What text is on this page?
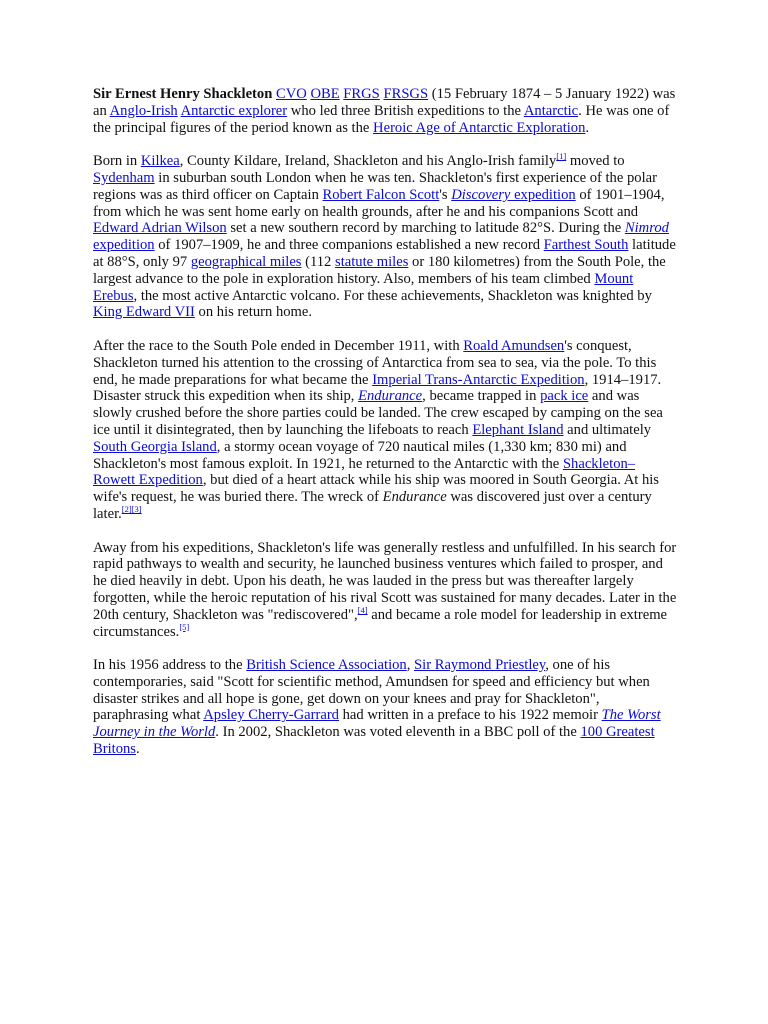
Sir Ernest Henry Shackleton CVO OBE FRGS FRSGS (15 February 1874 – 5 January 1922) was an Anglo-Irish Antarctic explorer who led three British expeditions to the Antarctic. He was one of the principal figures of the period known as the Heroic Age of Antarctic Exploration.

Born in Kilkea, County Kildare, Ireland, Shackleton and his Anglo-Irish family[1] moved to Sydenham in suburban south London when he was ten. Shackleton's first experience of the polar regions was as third officer on Captain Robert Falcon Scott's Discovery expedition of 1901–1904, from which he was sent home early on health grounds, after he and his companions Scott and Edward Adrian Wilson set a new southern record by marching to latitude 82°S. During the Nimrod expedition of 1907–1909, he and three companions established a new record Farthest South latitude at 88°S, only 97 geographical miles (112 statute miles or 180 kilometres) from the South Pole, the largest advance to the pole in exploration history. Also, members of his team climbed Mount Erebus, the most active Antarctic volcano. For these achievements, Shackleton was knighted by King Edward VII on his return home.

After the race to the South Pole ended in December 1911, with Roald Amundsen's conquest, Shackleton turned his attention to the crossing of Antarctica from sea to sea, via the pole. To this end, he made preparations for what became the Imperial Trans-Antarctic Expedition, 1914–1917. Disaster struck this expedition when its ship, Endurance, became trapped in pack ice and was slowly crushed before the shore parties could be landed. The crew escaped by camping on the sea ice until it disintegrated, then by launching the lifeboats to reach Elephant Island and ultimately South Georgia Island, a stormy ocean voyage of 720 nautical miles (1,330 km; 830 mi) and Shackleton's most famous exploit. In 1921, he returned to the Antarctic with the Shackleton–Rowett Expedition, but died of a heart attack while his ship was moored in South Georgia. At his wife's request, he was buried there. The wreck of Endurance was discovered just over a century later.[2][3]

Away from his expeditions, Shackleton's life was generally restless and unfulfilled. In his search for rapid pathways to wealth and security, he launched business ventures which failed to prosper, and he died heavily in debt. Upon his death, he was lauded in the press but was thereafter largely forgotten, while the heroic reputation of his rival Scott was sustained for many decades. Later in the 20th century, Shackleton was "rediscovered",[4] and became a role model for leadership in extreme circumstances.[5]

In his 1956 address to the British Science Association, Sir Raymond Priestley, one of his contemporaries, said "Scott for scientific method, Amundsen for speed and efficiency but when disaster strikes and all hope is gone, get down on your knees and pray for Shackleton", paraphrasing what Apsley Cherry-Garrard had written in a preface to his 1922 memoir The Worst Journey in the World. In 2002, Shackleton was voted eleventh in a BBC poll of the 100 Greatest Britons.
